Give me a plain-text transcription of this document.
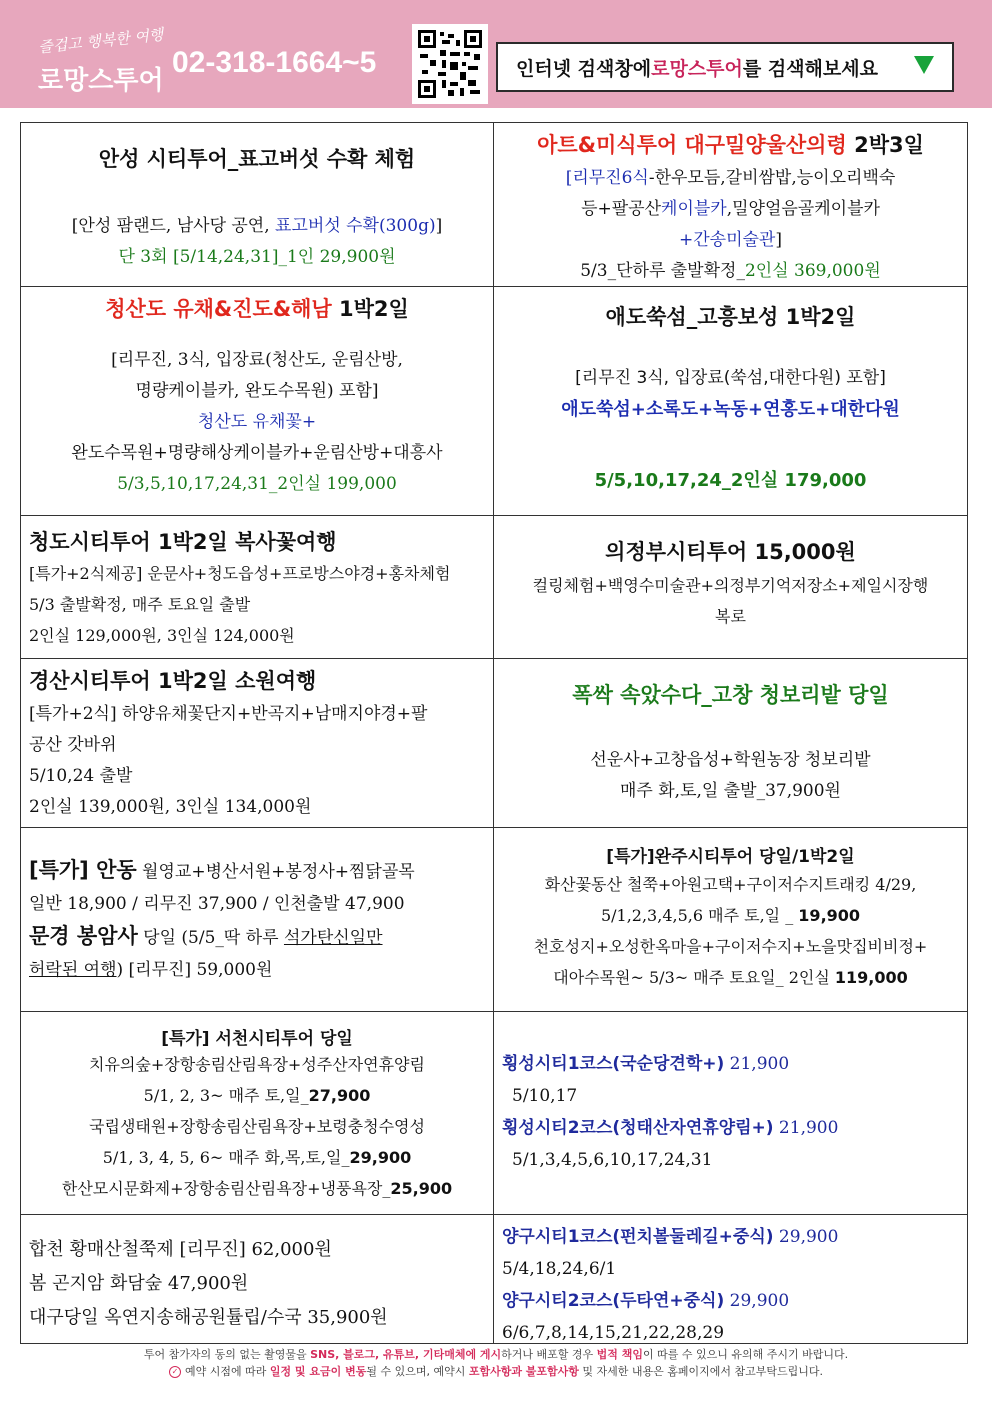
즐겁고 행복한 여행
로망스투어
02-318-1664~5	인터넷 검색창에 로망스투어 를 검색해보세요
안성 시티투어_표고버섯 수확 체험
[안성 팜랜드, 남사당 공연, 표고버섯 수확(300g)]
단 3회 [5/14,24,31]_1인 29,900원
아트&미식투어 대구밀양울산의령 2박3일
[리무진6식-한우모듬,갈비쌈밥,능이오리백숙
등+팔공산케이블카,밀양얼음골케이블카
+간송미술관]
5/3_단하루 출발확정_2인실 369,000원
청산도 유채&진도&해남 1박2일
[리무진, 3식, 입장료(청산도, 운림산방,
명량케이블카, 완도수목원) 포함]
청산도 유채꽃+
완도수목원+명량해상케이블카+운림산방+대흥사
5/3,5,10,17,24,31_2인실 199,000
애도쑥섬_고흥보성 1박2일
[리무진 3식, 입장료(쑥섬,대한다원) 포함]
애도쑥섬+소록도+녹동+연홍도+대한다원
5/5,10,17,24_2인실 179,000
청도시티투어 1박2일 복사꽃여행
[특가+2식제공] 운문사+청도읍성+프로방스야경+홍차체험
5/3 출발확정, 매주 토요일 출발
2인실 129,000원, 3인실 124,000원
의정부시티투어 15,000원
컬링체험+백영수미술관+의정부기억저장소+제일시장행
복로
경산시티투어 1박2일 소원여행
[특가+2식] 하양유채꽃단지+반곡지+남매지야경+팔
공산 갓바위
5/10,24 출발
2인실 139,000원, 3인실 134,000원
폭싹 속았수다_고창 청보리밭 당일
선운사+고창읍성+학원농장 청보리밭
매주 화,토,일 출발_37,900원
[특가] 안동 월영교+병산서원+봉정사+찜닭골목
일반 18,900 / 리무진 37,900 / 인천출발 47,900
문경 봉암사 당일 (5/5_딱 하루 석가탄신일만
허락된 여행) [리무진] 59,000원
[특가]완주시티투어 당일/1박2일
화산꽃동산 철쭉+아원고택+구이저수지트래킹 4/29,
5/1,2,3,4,5,6 매주 토,일 _ 19,900
천호성지+오성한옥마을+구이저수지+노을맛집비비정+
대아수목원~ 5/3~ 매주 토요일_ 2인실 119,000
[특가] 서천시티투어 당일
치유의숲+장항송림산림욕장+성주산자연휴양림
5/1, 2, 3~ 매주 토,일_27,900
국립생태원+장항송림산림욕장+보령충청수영성
5/1, 3, 4, 5, 6~ 매주 화,목,토,일_29,900
한산모시문화제+장항송림산림욕장+냉풍욕장_25,900
횡성시티1코스(국순당견학+) 21,900
5/10,17
횡성시티2코스(청태산자연휴양림+) 21,900
5/1,3,4,5,6,10,17,24,31
합천 황매산철쭉제 [리무진] 62,000원
봄 곤지암 화담숲 47,900원
대구당일 옥연지송해공원튤립/수국 35,900원
양구시티1코스(펀치볼둘레길+중식) 29,900
5/4,18,24,6/1
양구시티2코스(두타연+중식) 29,900
6/6,7,8,14,15,21,22,28,29
투어 참가자의 동의 없는 촬영물을 SNS, 블로그, 유튜브, 기타매체에 게시하거나 배포할 경우 법적 책임이 따를 수 있으니 유의해 주시기 바랍니다.
✓ 예약 시점에 따라 일정 및 요금이 변동될 수 있으며, 예약시 포함사항과 불포함사항 및 자세한 내용은 홈페이지에서 참고부탁드립니다.
